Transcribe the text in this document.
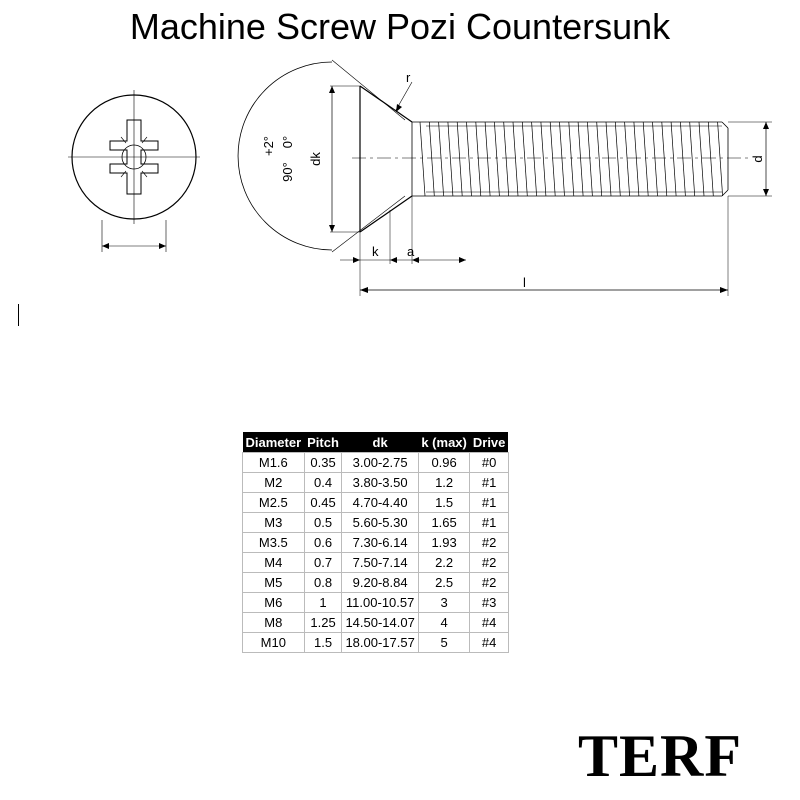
Machine Screw Pozi Countersunk
90°
+2° 0°
dk
r
k a
l
d
Diameter	Pitch	dk	k (max)	Drive
M1.6	0.35	3.00-2.75	0.96	#0
M2	0.4	3.80-3.50	1.2	#1
M2.5	0.45	4.70-4.40	1.5	#1
M3	0.5	5.60-5.30	1.65	#1
M3.5	0.6	7.30-6.14	1.93	#2
M4	0.7	7.50-7.14	2.2	#2
M5	0.8	9.20-8.84	2.5	#2
M6	1	11.00-10.57	3	#3
M8	1.25	14.50-14.07	4	#4
M10	1.5	18.00-17.57	5	#4
TERF
